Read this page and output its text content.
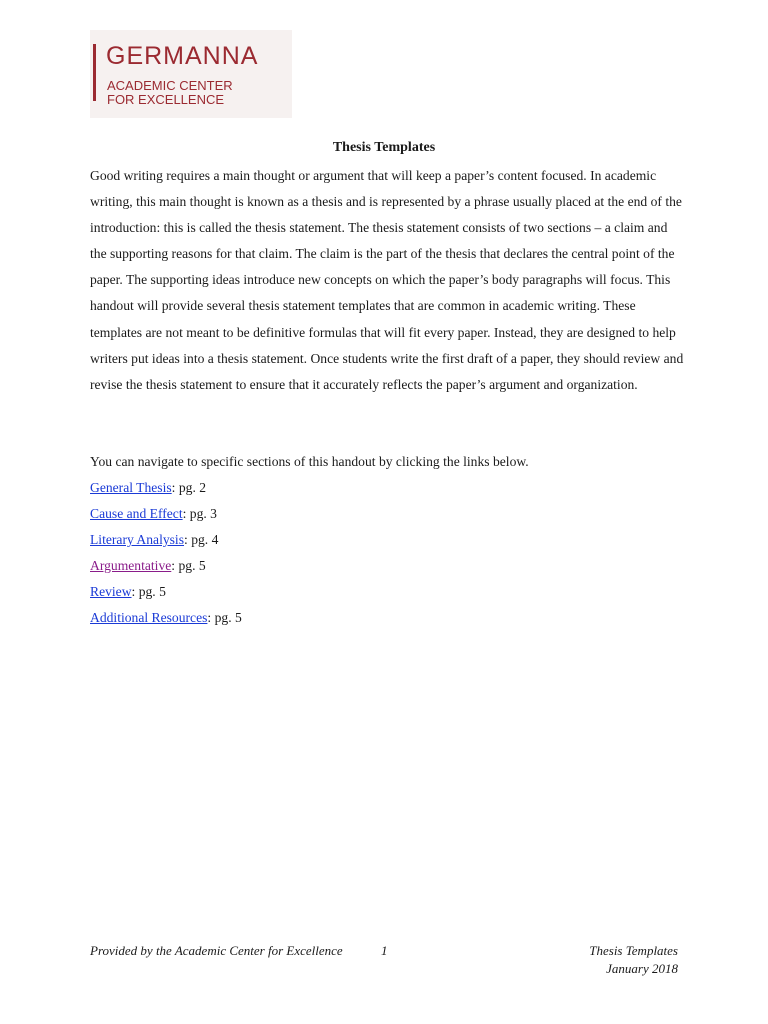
GERMANNA
ACADEMIC CENTER
FOR EXCELLENCE
Thesis Templates

Good writing requires a main thought or argument that will keep a paper’s content focused. In academic writing, this main thought is known as a thesis and is represented by a phrase usually placed at the end of the introduction: this is called the thesis statement. The thesis statement consists of two sections – a claim and the supporting reasons for that claim. The claim is the part of the thesis that declares the central point of the paper. The supporting ideas introduce new concepts on which the paper’s body paragraphs will focus. This handout will provide several thesis statement templates that are common in academic writing. These templates are not meant to be definitive formulas that will fit every paper. Instead, they are designed to help writers put ideas into a thesis statement. Once students write the first draft of a paper, they should review and revise the thesis statement to ensure that it accurately reflects the paper’s argument and organization.

You can navigate to specific sections of this handout by clicking the links below.

General Thesis: pg. 2
Cause and Effect: pg. 3
Literary Analysis: pg. 4
Argumentative: pg. 5
Review: pg. 5
Additional Resources: pg. 5
Provided by the Academic Center for Excellence	1	Thesis Templates
January 2018
